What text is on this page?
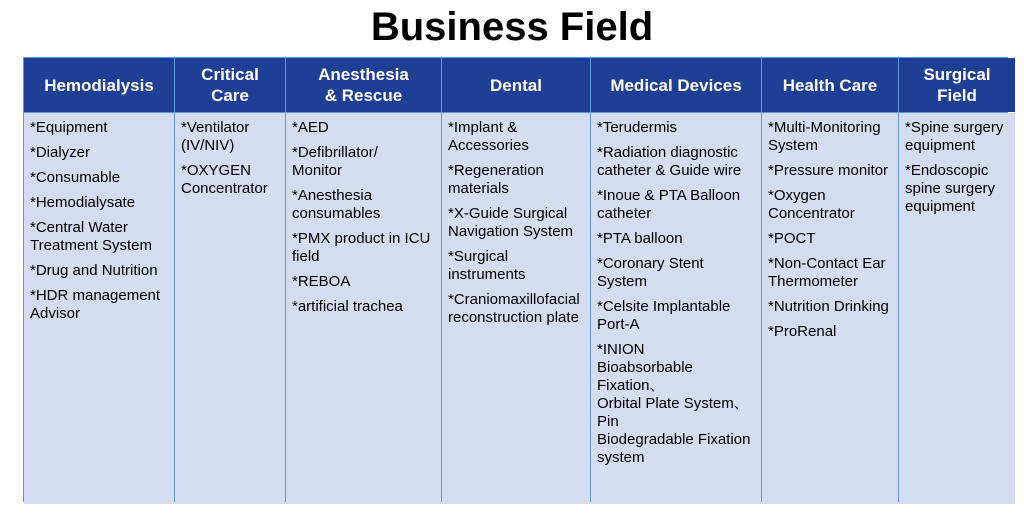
Business Field
Hemodialysis
Critical
Care
Anesthesia
& Rescue
Dental	Medical Devices	Health Care
Surgical
Field
*Equipment
*Dialyzer
*Consumable
*Hemodialysate
*Central Water
Treatment System
*Drug and Nutrition
*HDR management
Advisor
*Ventilator
(IV/NIV)
*OXYGEN
Concentrator
*AED
*Defibrillator/
Monitor
*Anesthesia
consumables
*PMX product in ICU
field
*REBOA
*artificial trachea
*Implant &
Accessories
*Regeneration
materials
*X-Guide Surgical
Navigation System
*Surgical
instruments
*Craniomaxillofacial
reconstruction plate
*Terudermis
*Radiation diagnostic
catheter & Guide wire
*Inoue & PTA Balloon
catheter
*PTA balloon
*Coronary Stent
System
*Celsite Implantable
Port-A
*INION
Bioabsorbable Fixation、
Orbital Plate System、
Pin
Biodegradable Fixation
system
*Multi-Monitoring
System
*Pressure monitor
*Oxygen
Concentrator
*POCT
*Non-Contact Ear
Thermometer
*Nutrition Drinking
*ProRenal
*Spine surgery
equipment
*Endoscopic
spine surgery
equipment
